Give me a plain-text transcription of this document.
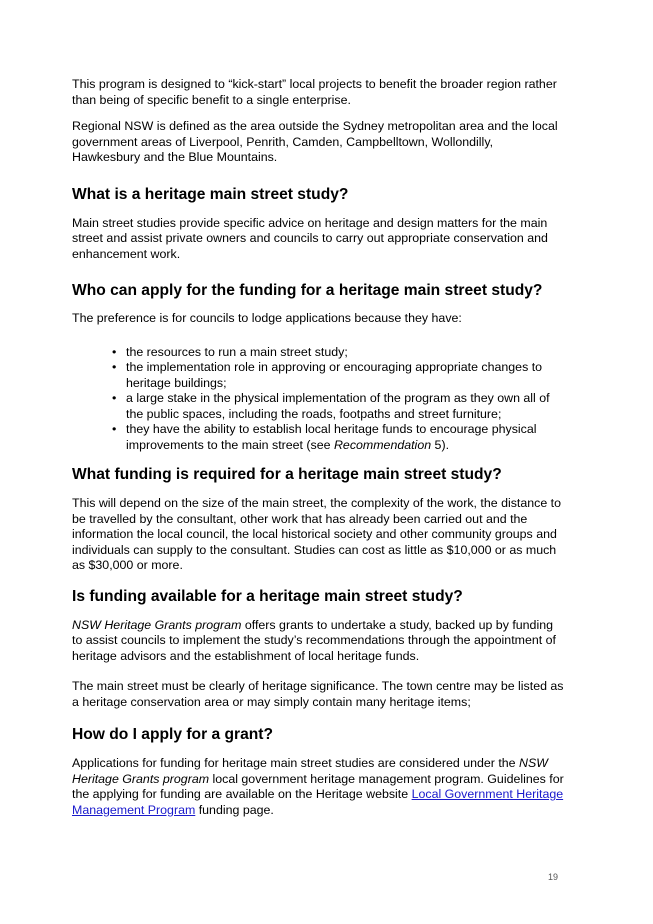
This program is designed to “kick-start” local projects to benefit the broader region rather than being of specific benefit to a single enterprise.

Regional NSW is defined as the area outside the Sydney metropolitan area and the local government areas of Liverpool, Penrith, Camden, Campbelltown, Wollondilly, Hawkesbury and the Blue Mountains.

What is a heritage main street study?

Main street studies provide specific advice on heritage and design matters for the main street and assist private owners and councils to carry out appropriate conservation and enhancement work.

Who can apply for the funding for a heritage main street study?

The preference is for councils to lodge applications because they have:

• the resources to run a main street study;
• the implementation role in approving or encouraging appropriate changes to heritage buildings;
• a large stake in the physical implementation of the program as they own all of the public spaces, including the roads, footpaths and street furniture;
• they have the ability to establish local heritage funds to encourage physical improvements to the main street (see Recommendation 5).
What funding is required for a heritage main street study?

This will depend on the size of the main street, the complexity of the work, the distance to be travelled by the consultant, other work that has already been carried out and the information the local council, the local historical society and other community groups and individuals can supply to the consultant. Studies can cost as little as $10,000 or as much as $30,000 or more.

Is funding available for a heritage main street study?

NSW Heritage Grants program offers grants to undertake a study, backed up by funding to assist councils to implement the study’s recommendations through the appointment of heritage advisors and the establishment of local heritage funds.

The main street must be clearly of heritage significance. The town centre may be listed as a heritage conservation area or may simply contain many heritage items;

How do I apply for a grant?

Applications for funding for heritage main street studies are considered under the NSW Heritage Grants program local government heritage management program. Guidelines for the applying for funding are available on the Heritage website Local Government Heritage Management Program funding page.

19
